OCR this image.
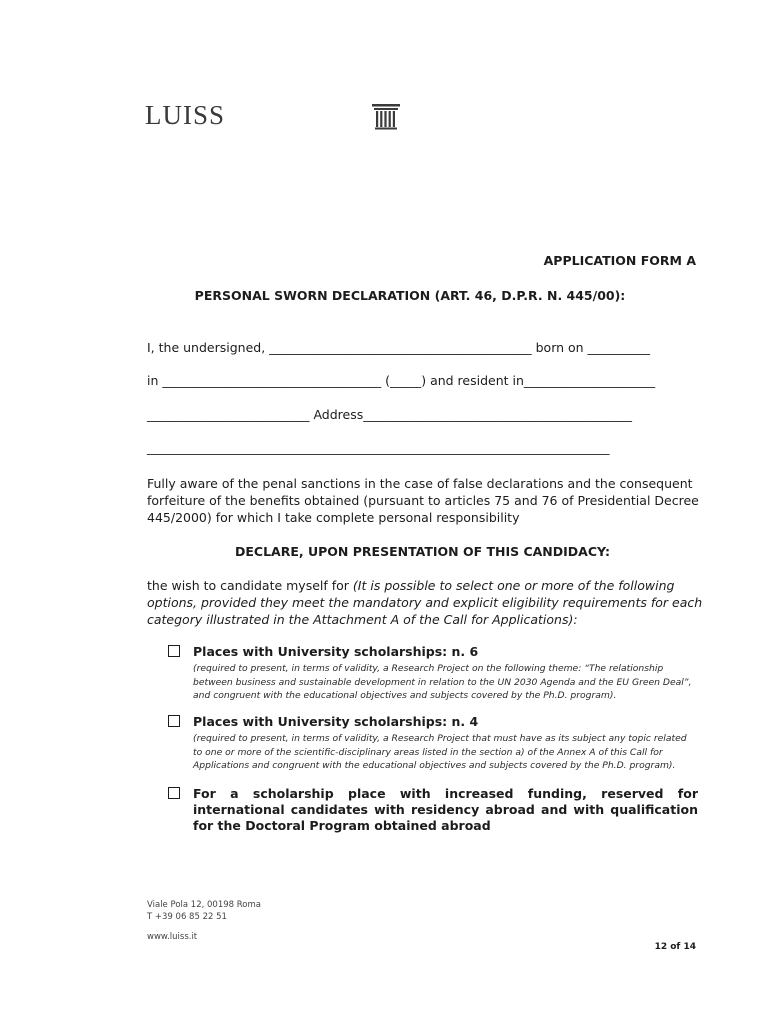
LUISS
APPLICATION FORM A
PERSONAL SWORN DECLARATION (ART. 46, D.P.R. N. 445/00):
I, the undersigned, __________________________________________ born on __________
in ___________________________________ (_____) and resident in_____________________
__________________________ Address___________________________________________
__________________________________________________________________________
Fully aware of the penal sanctions in the case of false declarations and the consequent forfeiture of the benefits obtained (pursuant to articles 75 and 76 of Presidential Decree 445/2000) for which I take complete personal responsibility
DECLARE, UPON PRESENTATION OF THIS CANDIDACY:
the wish to candidate myself for (It is possible to select one or more of the following options, provided they meet the mandatory and explicit eligibility requirements for each category illustrated in the Attachment A of the Call for Applications):
Places with University scholarships: n. 6
(required to present, in terms of validity, a Research Project on the following theme: “The relationship between business and sustainable development in relation to the UN 2030 Agenda and the EU Green Deal”, and congruent with the educational objectives and subjects covered by the Ph.D. program).
Places with University scholarships: n. 4
(required to present, in terms of validity, a Research Project that must have as its subject any topic related to one or more of the scientific-disciplinary areas listed in the section a) of the Annex A of this Call for Applications and congruent with the educational objectives and subjects covered by the Ph.D. program).
For a scholarship place with increased funding, reserved for international candidates with residency abroad and with qualification for the Doctoral Program obtained abroad
Viale Pola 12, 00198 Roma
T +39 06 85 22 51
www.luiss.it
12 of 14
